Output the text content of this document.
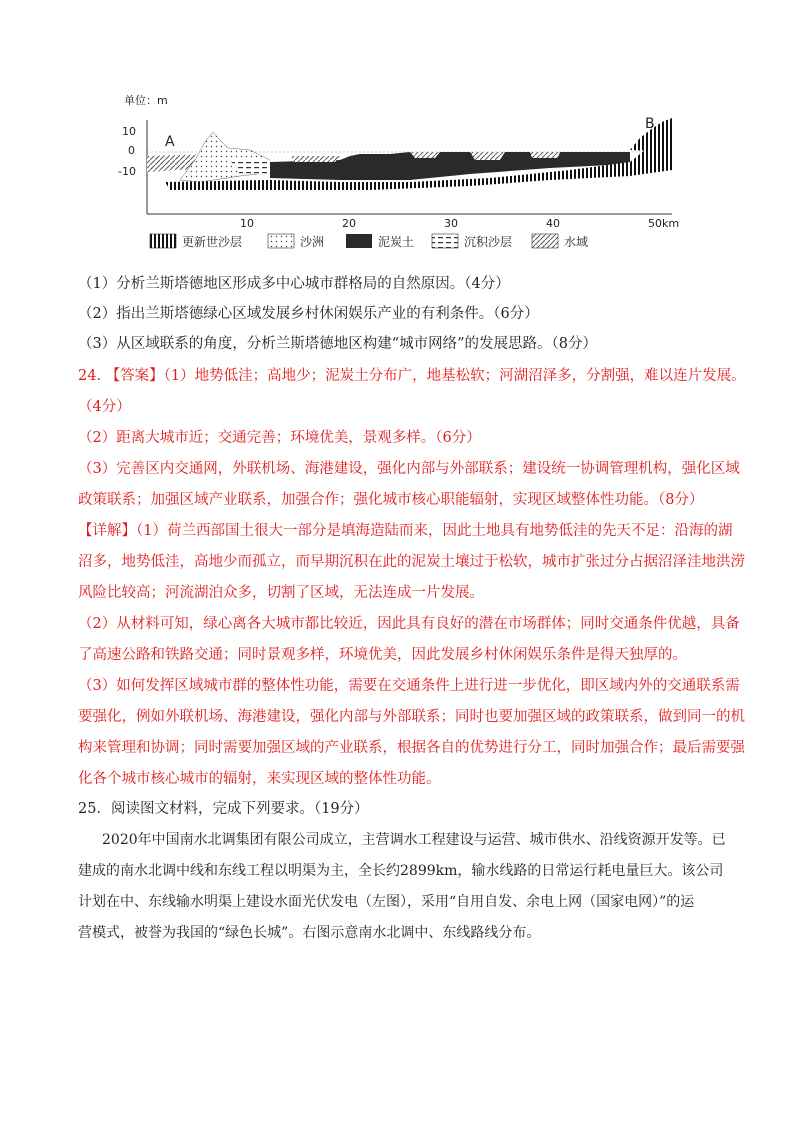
单位：m
10
0
-10
A
B
10	20	30	40	50km
更新世沙层	沙洲	泥炭土	沉积沙层	水域
（1）分析兰斯塔德地区形成多中心城市群格局的自然原因。（4分）
（2）指出兰斯塔德绿心区域发展乡村休闲娱乐产业的有利条件。（6分）
（3）从区域联系的角度，分析兰斯塔德地区构建“城市网络”的发展思路。（8分）
24. 【答案】（1）地势低洼；高地少；泥炭土分布广，地基松软；河湖沼泽多，分割强，难以连片发展。
（4分）
（2）距离大城市近；交通完善；环境优美，景观多样。（6分）
（3）完善区内交通网，外联机场、海港建设，强化内部与外部联系；建设统一协调管理机构，强化区域
政策联系；加强区域产业联系，加强合作；强化城市核心职能辐射，实现区域整体性功能。（8分）
【详解】（1）荷兰西部国土很大一部分是填海造陆而来，因此土地具有地势低洼的先天不足：沿海的湖
沼多，地势低洼，高地少而孤立，而早期沉积在此的泥炭土壤过于松软，城市扩张过分占据沼泽洼地洪涝
风险比较高；河流湖泊众多，切割了区域，无法连成一片发展。
（2）从材料可知，绿心离各大城市都比较近，因此具有良好的潜在市场群体；同时交通条件优越，具备
了高速公路和铁路交通；同时景观多样，环境优美，因此发展乡村休闲娱乐条件是得天独厚的。
（3）如何发挥区域城市群的整体性功能，需要在交通条件上进行进一步优化，即区域内外的交通联系需
要强化，例如外联机场、海港建设，强化内部与外部联系；同时也要加强区域的政策联系，做到同一的机
构来管理和协调；同时需要加强区域的产业联系，根据各自的优势进行分工，同时加强合作；最后需要强
化各个城市核心城市的辐射，来实现区域的整体性功能。
25．阅读图文材料，完成下列要求。（19分）
2020年中国南水北调集团有限公司成立，主营调水工程建设与运营、城市供水、沿线资源开发等。已
建成的南水北调中线和东线工程以明渠为主，全长约2899km，输水线路的日常运行耗电量巨大。该公司
计划在中、东线输水明渠上建设水面光伏发电（左图），采用“自用自发、余电上网（国家电网）”的运
营模式，被誉为我国的“绿色长城”。右图示意南水北调中、东线路线分布。
